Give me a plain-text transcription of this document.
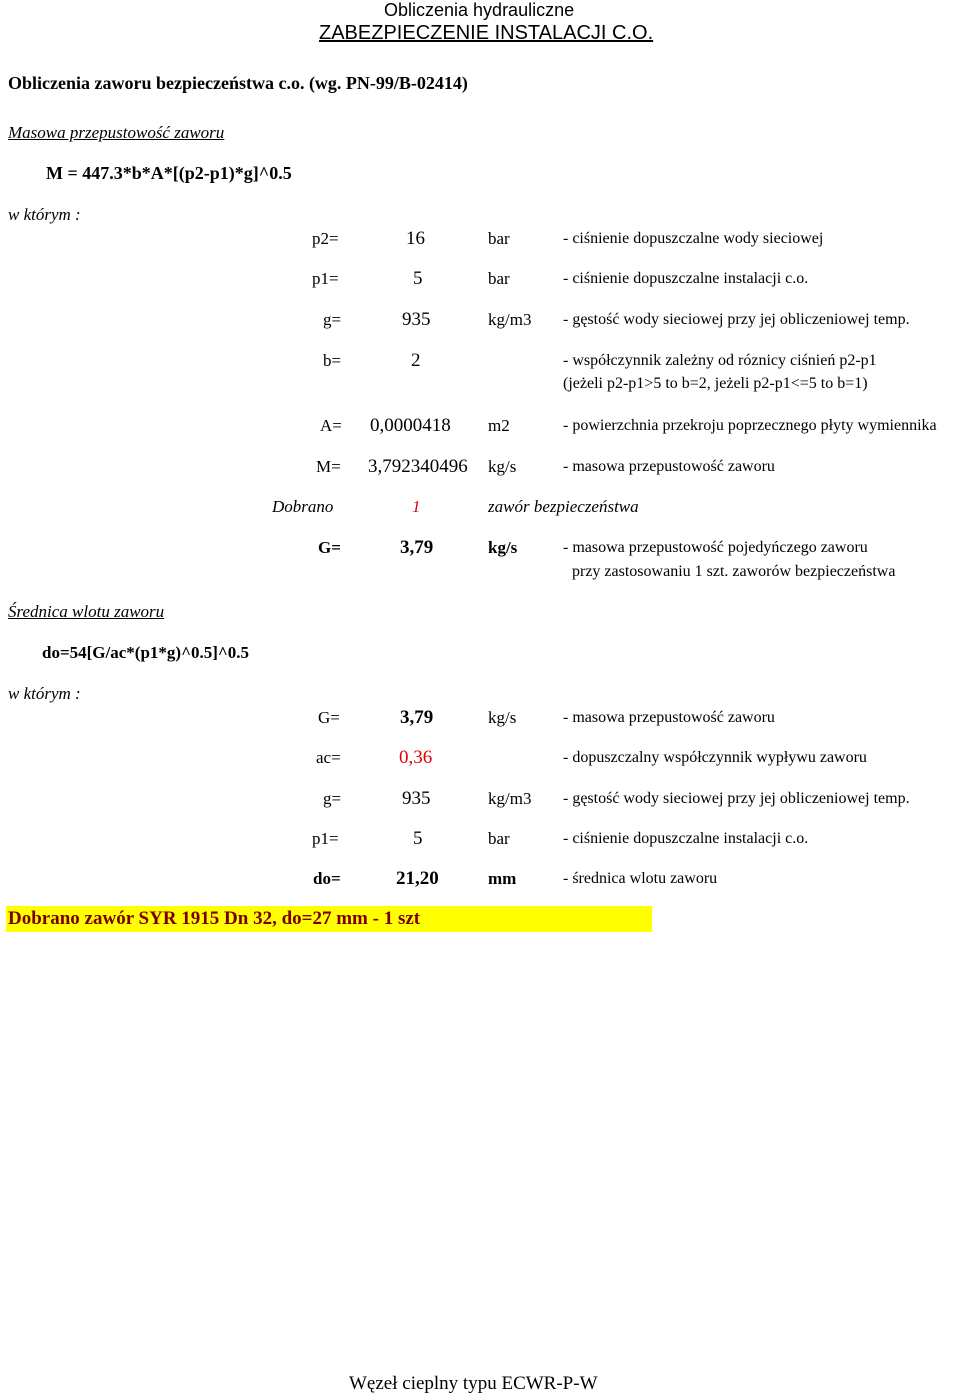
Obliczenia hydrauliczne
ZABEZPIECZENIE INSTALACJI C.O.
Obliczenia zaworu bezpieczeństwa c.o. (wg. PN-99/B-02414)
Masowa przepustowość zaworu
M = 447.3*b*A*[(p2-p1)*g]^0.5
w którym :
p2=	16	bar	- ciśnienie dopuszczalne wody sieciowej
p1=	5	bar	- ciśnienie dopuszczalne instalacji c.o.
g=	935	kg/m3 - gęstość wody sieciowej przy jej obliczeniowej temp.
b=	2	- współczynnik zależny od róznicy ciśnień p2-p1
(jeżeli p2-p1>5 to b=2, jeżeli p2-p1<=5 to b=1)
A= 0,0000418 m2	- powierzchnia przekroju poprzecznego płyty wymiennika
M= 3,792340496 kg/s	- masowa przepustowość zaworu
Dobrano	1	zawór bezpieczeństwa
G=	3,79	kg/s	- masowa przepustowość pojedyńczego zaworu
przy zastosowaniu 1 szt. zaworów bezpieczeństwa
Średnica wlotu zaworu
do=54[G/ac*(p1*g)^0.5]^0.5
w którym :
G=	3,79	kg/s	- masowa przepustowość zaworu
ac=	0,36	- dopuszczalny współczynnik wypływu zaworu
g=	935	kg/m3 - gęstość wody sieciowej przy jej obliczeniowej temp.
p1=	5	bar	- ciśnienie dopuszczalne instalacji c.o.
do=	21,20	mm	- średnica wlotu zaworu
Dobrano zawór SYR 1915 Dn 32, do=27 mm - 1 szt
Węzeł cieplny typu ECWR-P-W
